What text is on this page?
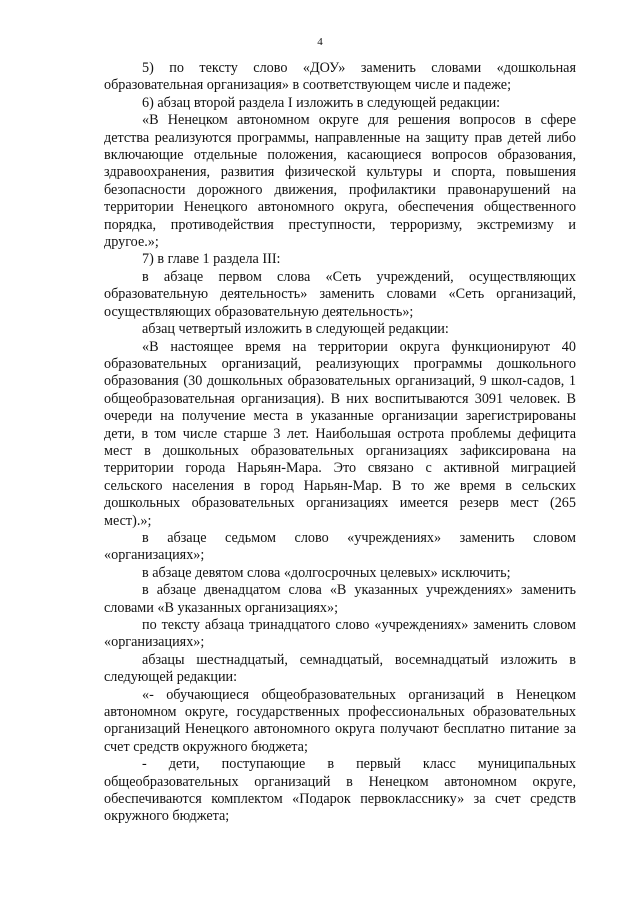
4

5) по тексту слово «ДОУ» заменить словами «дошкольная образовательная организация» в соответствующем числе и падеже;

6) абзац второй раздела I изложить в следующей редакции:

«В Ненецком автономном округе для решения вопросов в сфере детства реализуются программы, направленные на защиту прав детей либо включающие отдельные положения, касающиеся вопросов образования, здравоохранения, развития физической культуры и спорта, повышения безопасности дорожного движения, профилактики правонарушений на территории Ненецкого автономного округа, обеспечения общественного порядка, противодействия преступности, терроризму, экстремизму и другое.»;

7) в главе 1 раздела III:

в абзаце первом слова «Сеть учреждений, осуществляющих образовательную деятельность» заменить словами «Сеть организаций, осуществляющих образовательную деятельность»;

абзац четвертый изложить в следующей редакции:

«В настоящее время на территории округа функционируют 40 образовательных организаций, реализующих программы дошкольного образования (30 дошкольных образовательных организаций, 9 школ-садов, 1 общеобразовательная организация). В них воспитываются 3091 человек. В очереди на получение места в указанные организации зарегистрированы дети, в том числе старше 3 лет. Наибольшая острота проблемы дефицита мест в дошкольных образовательных организациях зафиксирована на территории города Нарьян-Мара. Это связано с активной миграцией сельского населения в город Нарьян-Мар. В то же время в сельских дошкольных образовательных организациях имеется резерв мест (265 мест).»;

в абзаце седьмом слово «учреждениях» заменить словом «организациях»;

в абзаце девятом слова «долгосрочных целевых» исключить;

в абзаце двенадцатом слова «В указанных учреждениях» заменить словами «В указанных организациях»;

по тексту абзаца тринадцатого слово «учреждениях» заменить словом «организациях»;

абзацы шестнадцатый, семнадцатый, восемнадцатый изложить в следующей редакции:

«- обучающиеся общеобразовательных организаций в Ненецком автономном округе, государственных профессиональных образовательных организаций Ненецкого автономного округа получают бесплатно питание за счет средств окружного бюджета;

- дети, поступающие в первый класс муниципальных общеобразовательных организаций в Ненецком автономном округе, обеспечиваются комплектом «Подарок первокласснику» за счет средств окружного бюджета;
